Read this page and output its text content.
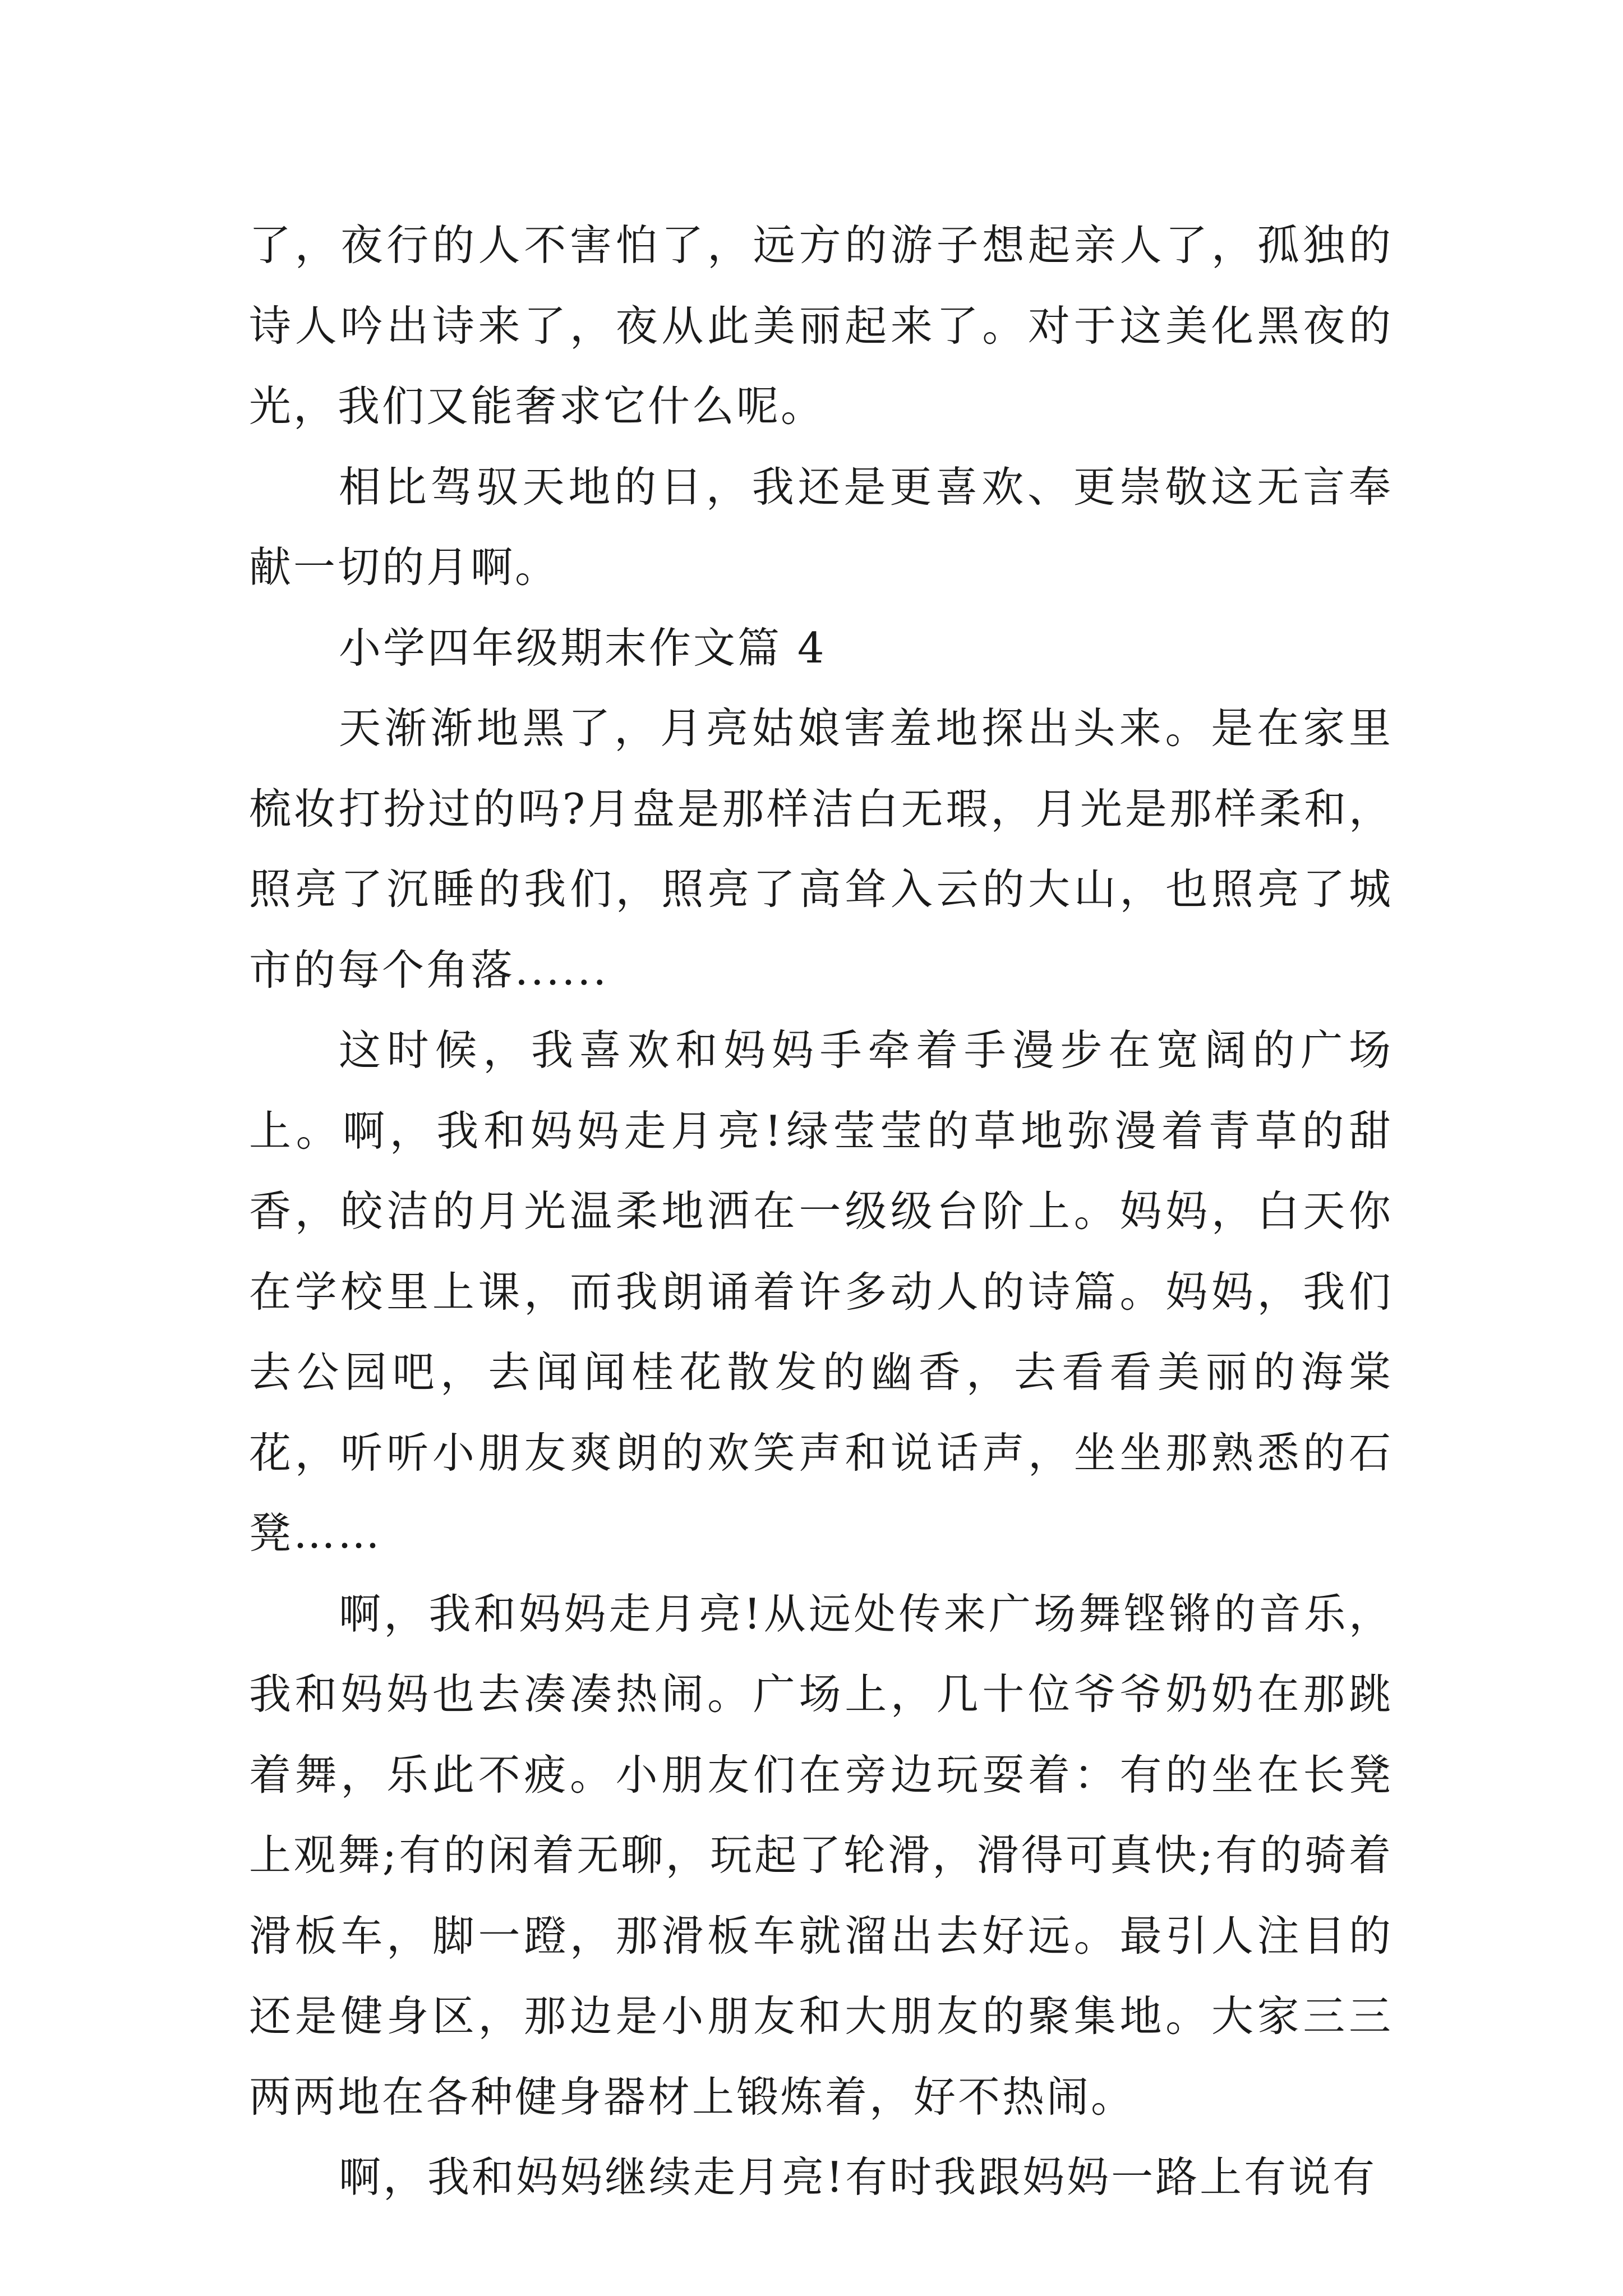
了，夜行的人不害怕了，远方的游子想起亲人了，孤独的诗人吟出诗来了，夜从此美丽起来了。对于这美化黑夜的光，我们又能奢求它什么呢。

相比驾驭天地的日，我还是更喜欢、更崇敬这无言奉献一切的月啊。

小学四年级期末作文篇 4

天渐渐地黑了，月亮姑娘害羞地探出头来。是在家里梳妆打扮过的吗?月盘是那样洁白无瑕，月光是那样柔和，照亮了沉睡的我们，照亮了高耸入云的大山，也照亮了城市的每个角落......

这时候，我喜欢和妈妈手牵着手漫步在宽阔的广场上。啊，我和妈妈走月亮!绿莹莹的草地弥漫着青草的甜香，皎洁的月光温柔地洒在一级级台阶上。妈妈，白天你在学校里上课，而我朗诵着许多动人的诗篇。妈妈，我们去公园吧，去闻闻桂花散发的幽香，去看看美丽的海棠花，听听小朋友爽朗的欢笑声和说话声，坐坐那熟悉的石凳……

啊，我和妈妈走月亮!从远处传来广场舞铿锵的音乐，我和妈妈也去凑凑热闹。广场上，几十位爷爷奶奶在那跳着舞，乐此不疲。小朋友们在旁边玩耍着：有的坐在长凳上观舞;有的闲着无聊，玩起了轮滑，滑得可真快;有的骑着滑板车，脚一蹬，那滑板车就溜出去好远。最引人注目的还是健身区，那边是小朋友和大朋友的聚集地。大家三三两两地在各种健身器材上锻炼着，好不热闹。

啊，我和妈妈继续走月亮!有时我跟妈妈一路上有说有
